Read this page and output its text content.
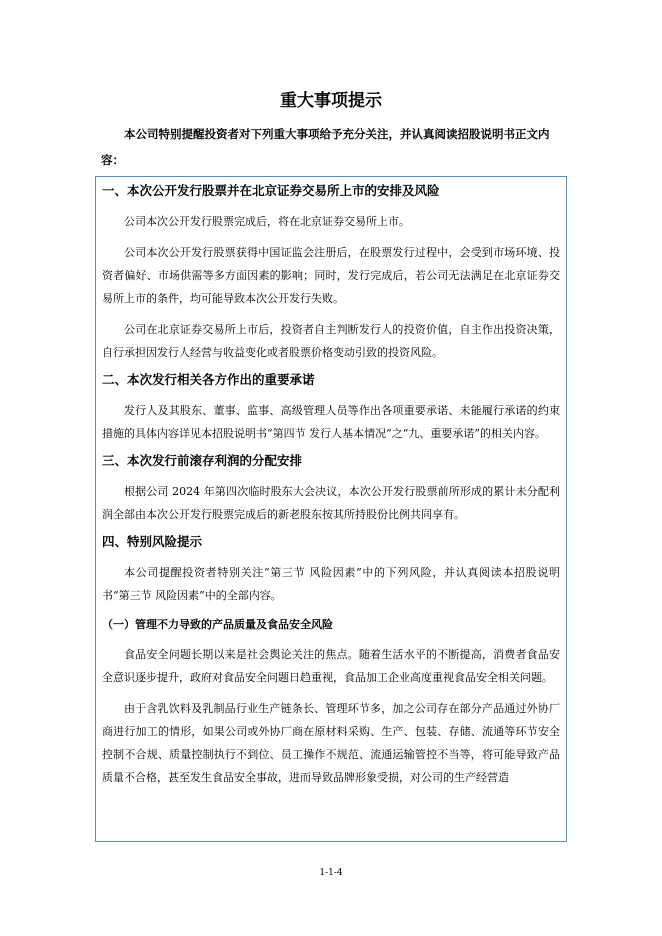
重大事项提示

本公司特别提醒投资者对下列重大事项给予充分关注，并认真阅读招股说明书正文内容：

一、本次公开发行股票并在北京证券交易所上市的安排及风险

公司本次公开发行股票完成后，将在北京证券交易所上市。

公司本次公开发行股票获得中国证监会注册后，在股票发行过程中，会受到市场环境、投资者偏好、市场供需等多方面因素的影响；同时，发行完成后，若公司无法满足在北京证券交易所上市的条件，均可能导致本次公开发行失败。

公司在北京证券交易所上市后，投资者自主判断发行人的投资价值，自主作出投资决策，自行承担因发行人经营与收益变化或者股票价格变动引致的投资风险。

二、本次发行相关各方作出的重要承诺

发行人及其股东、董事、监事、高级管理人员等作出各项重要承诺、未能履行承诺的约束措施的具体内容详见本招股说明书“第四节 发行人基本情况”之“九、重要承诺”的相关内容。

三、本次发行前滚存利润的分配安排

根据公司 2024 年第四次临时股东大会决议，本次公开发行股票前所形成的累计未分配利润全部由本次公开发行股票完成后的新老股东按其所持股份比例共同享有。

四、特别风险提示

本公司提醒投资者特别关注“第三节 风险因素”中的下列风险，并认真阅读本招股说明书“第三节 风险因素”中的全部内容。

（一）管理不力导致的产品质量及食品安全风险

食品安全问题长期以来是社会舆论关注的焦点。随着生活水平的不断提高，消费者食品安全意识逐步提升，政府对食品安全问题日趋重视，食品加工企业高度重视食品安全相关问题。

由于含乳饮料及乳制品行业生产链条长、管理环节多，加之公司存在部分产品通过外协厂商进行加工的情形，如果公司或外协厂商在原材料采购、生产、包装、存储、流通等环节安全控制不合规、质量控制执行不到位、员工操作不规范、流通运输管控不当等，将可能导致产品质量不合格，甚至发生食品安全事故，进而导致品牌形象受损，对公司的生产经营造

1-1-4
